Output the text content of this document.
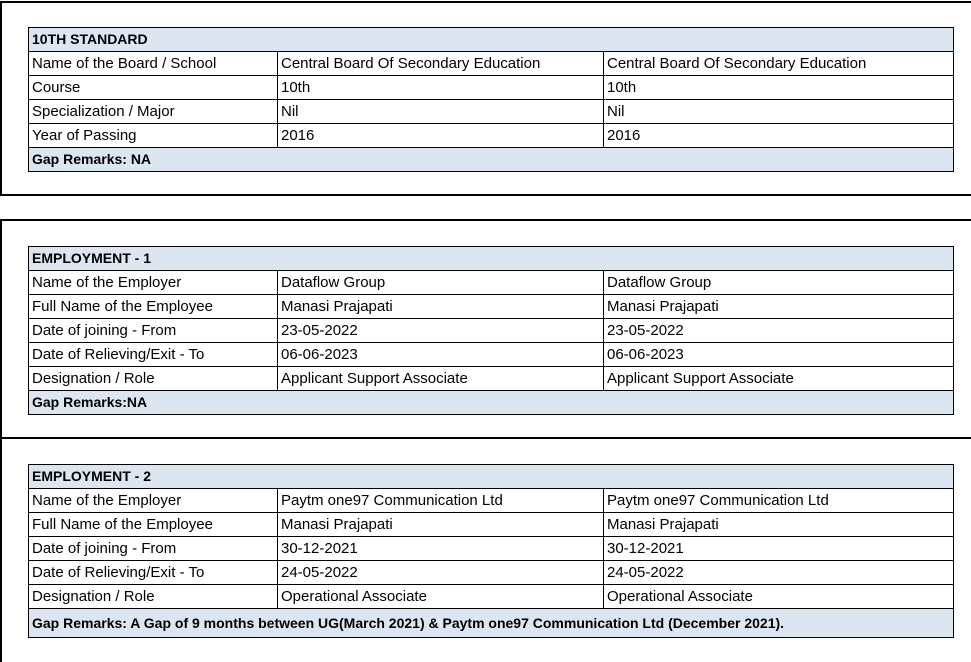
10TH STANDARD		
Name of the Board / School	Central Board Of Secondary Education	Central Board Of Secondary Education
Course	10th	10th
Specialization / Major	Nil	Nil
Year of Passing	2016	2016
Gap Remarks: NA		
EMPLOYMENT - 1		
Name of the Employer	Dataflow Group	Dataflow Group
Full Name of the Employee	Manasi Prajapati	Manasi Prajapati
Date of joining - From	23-05-2022	23-05-2022
Date of Relieving/Exit - To	06-06-2023	06-06-2023
Designation / Role	Applicant Support Associate	Applicant Support Associate
Gap Remarks:NA		
EMPLOYMENT - 2		
Name of the Employer	Paytm one97 Communication Ltd	Paytm one97 Communication Ltd
Full Name of the Employee	Manasi Prajapati	Manasi Prajapati
Date of joining - From	30-12-2021	30-12-2021
Date of Relieving/Exit - To	24-05-2022	24-05-2022
Designation / Role	Operational Associate	Operational Associate
Gap Remarks: A Gap of 9 months between UG(March 2021) & Paytm one97 Communication Ltd (December 2021).		
